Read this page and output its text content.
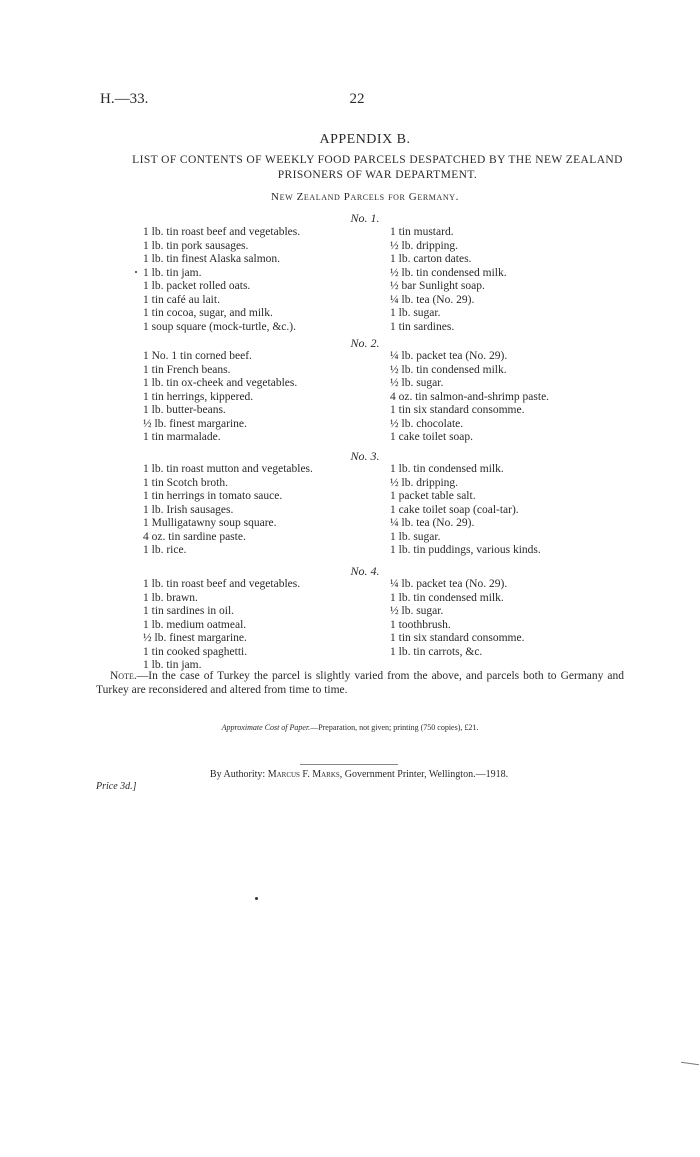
H.—33.	22
APPENDIX B.
LIST OF CONTENTS OF WEEKLY FOOD PARCELS DESPATCHED BY THE NEW ZEALAND PRISONERS OF WAR DEPARTMENT.
New Zealand Parcels for Germany.
No. 1.
1 lb. tin roast beef and vegetables.
1 lb. tin pork sausages.
1 lb. tin finest Alaska salmon.
1 lb. tin jam.
1 lb. packet rolled oats.
1 tin café au lait.
1 tin cocoa, sugar, and milk.
1 soup square (mock-turtle, &c.).
1 tin mustard.
½ lb. dripping.
1 lb. carton dates.
½ lb. tin condensed milk.
½ bar Sunlight soap.
¼ lb. tea (No. 29).
1 lb. sugar.
1 tin sardines.
No. 2.
1 No. 1 tin corned beef.
1 tin French beans.
1 lb. tin ox-cheek and vegetables.
1 tin herrings, kippered.
1 lb. butter-beans.
½ lb. finest margarine.
1 tin marmalade.
¼ lb. packet tea (No. 29).
½ lb. tin condensed milk.
½ lb. sugar.
4 oz. tin salmon-and-shrimp paste.
1 tin six standard consomme.
½ lb. chocolate.
1 cake toilet soap.
No. 3.
1 lb. tin roast mutton and vegetables.
1 tin Scotch broth.
1 tin herrings in tomato sauce.
1 lb. Irish sausages.
1 Mulligatawny soup square.
4 oz. tin sardine paste.
1 lb. rice.
1 lb. tin condensed milk.
½ lb. dripping.
1 packet table salt.
1 cake toilet soap (coal-tar).
¼ lb. tea (No. 29).
1 lb. sugar.
1 lb. tin puddings, various kinds.
No. 4.
1 lb. tin roast beef and vegetables.
1 lb. brawn.
1 tin sardines in oil.
1 lb. medium oatmeal.
½ lb. finest margarine.
1 tin cooked spaghetti.
1 lb. tin jam.
¼ lb. packet tea (No. 29).
1 lb. tin condensed milk.
½ lb. sugar.
1 toothbrush.
1 tin six standard consomme.
1 lb. tin carrots, &c.
Note.—In the case of Turkey the parcel is slightly varied from the above, and parcels both to Germany and Turkey are reconsidered and altered from time to time.
Approximate Cost of Paper.—Preparation, not given; printing (750 copies), £21.
By Authority: Marcus F. Marks, Government Printer, Wellington.—1918.
Price 3d.]
